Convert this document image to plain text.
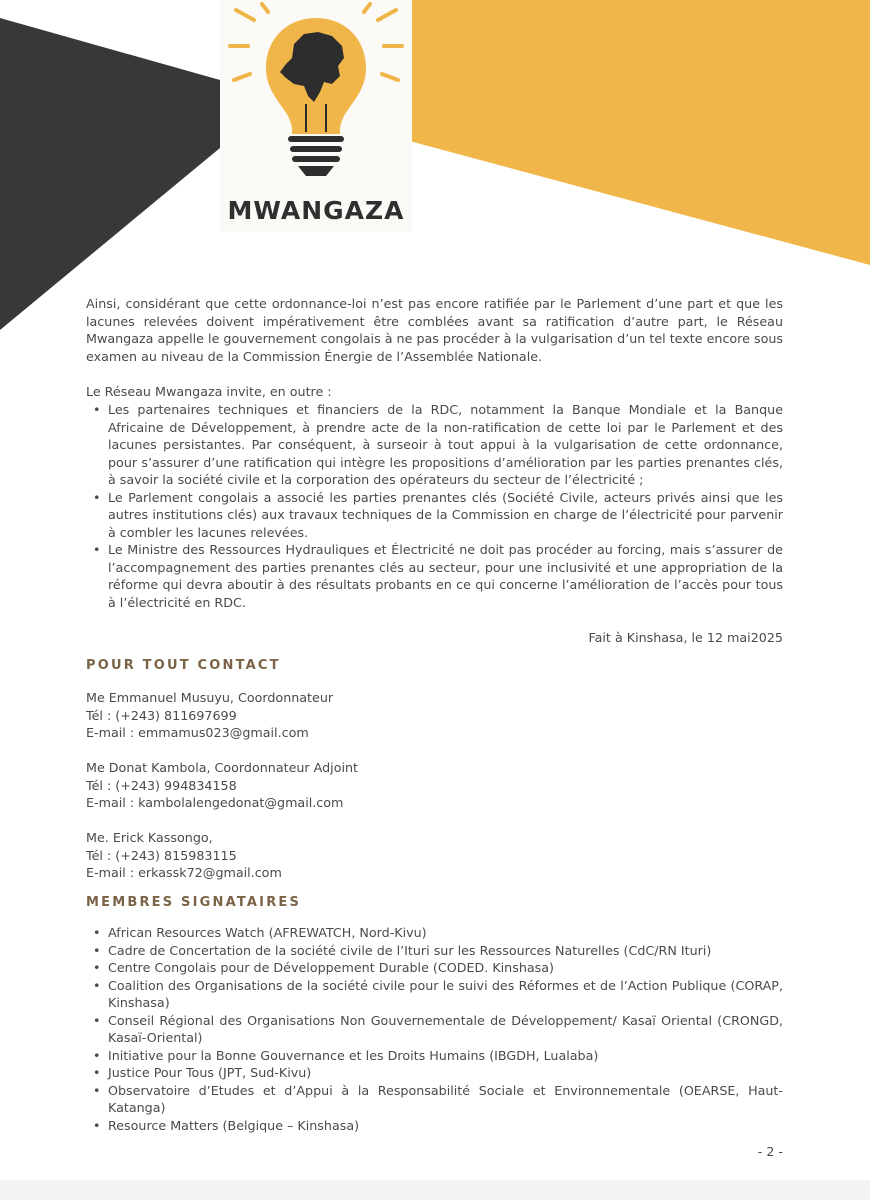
MWANGAZA
Ainsi, considérant que cette ordonnance-loi n’est pas encore ratifiée par le Parlement d’une part et que les lacunes relevées doivent impérativement être comblées avant sa ratification d’autre part, le Réseau Mwangaza appelle le gouvernement congolais à ne pas procéder à la vulgarisation d’un tel texte encore sous examen au niveau de la Commission Énergie de l’Assemblée Nationale.
Le Réseau Mwangaza invite, en outre :
• Les partenaires techniques et financiers de la RDC, notamment la Banque Mondiale et la Banque Africaine de Développement, à prendre acte de la non-ratification de cette loi par le Parlement et des lacunes persistantes. Par conséquent, à surseoir à tout appui à la vulgarisation de cette ordonnance, pour s’assurer d’une ratification qui intègre les propositions d’amélioration par les parties prenantes clés, à savoir la société civile et la corporation des opérateurs du secteur de l’électricité ;
• Le Parlement congolais a associé les parties prenantes clés (Société Civile, acteurs privés ainsi que les autres institutions clés) aux travaux techniques de la Commission en charge de l’électricité pour parvenir à combler les lacunes relevées.
• Le Ministre des Ressources Hydrauliques et Électricité ne doit pas procéder au forcing, mais s’assurer de l’accompagnement des parties prenantes clés au secteur, pour une inclusivité et une appropriation de la réforme qui devra aboutir à des résultats probants en ce qui concerne l’amélioration de l’accès pour tous à l’électricité en RDC.
Fait à Kinshasa, le 12 mai2025
POUR TOUT CONTACT
Me Emmanuel Musuyu, Coordonnateur
Tél : (+243) 811697699
E-mail : emmamus023@gmail.com
Me Donat Kambola, Coordonnateur Adjoint
Tél : (+243) 994834158
E-mail : kambolalengedonat@gmail.com
Me. Erick Kassongo,
Tél : (+243) 815983115
E-mail : erkassk72@gmail.com
MEMBRES SIGNATAIRES
• African Resources Watch (AFREWATCH, Nord-Kivu)
• Cadre de Concertation de la société civile de l’Ituri sur les Ressources Naturelles (CdC/RN Ituri)
• Centre Congolais pour de Développement Durable (CODED. Kinshasa)
• Coalition des Organisations de la société civile pour le suivi des Réformes et de l’Action Publique (CORAP, Kinshasa)
• Conseil Régional des Organisations Non Gouvernementale de Développement/ Kasaï Oriental (CRONGD, Kasaï-Oriental)
• Initiative pour la Bonne Gouvernance et les Droits Humains (IBGDH, Lualaba)
• Justice Pour Tous (JPT, Sud-Kivu)
• Observatoire d’Etudes et d’Appui à la Responsabilité Sociale et Environnementale (OEARSE, Haut-Katanga)
• Resource Matters (Belgique – Kinshasa)
- 2 -
